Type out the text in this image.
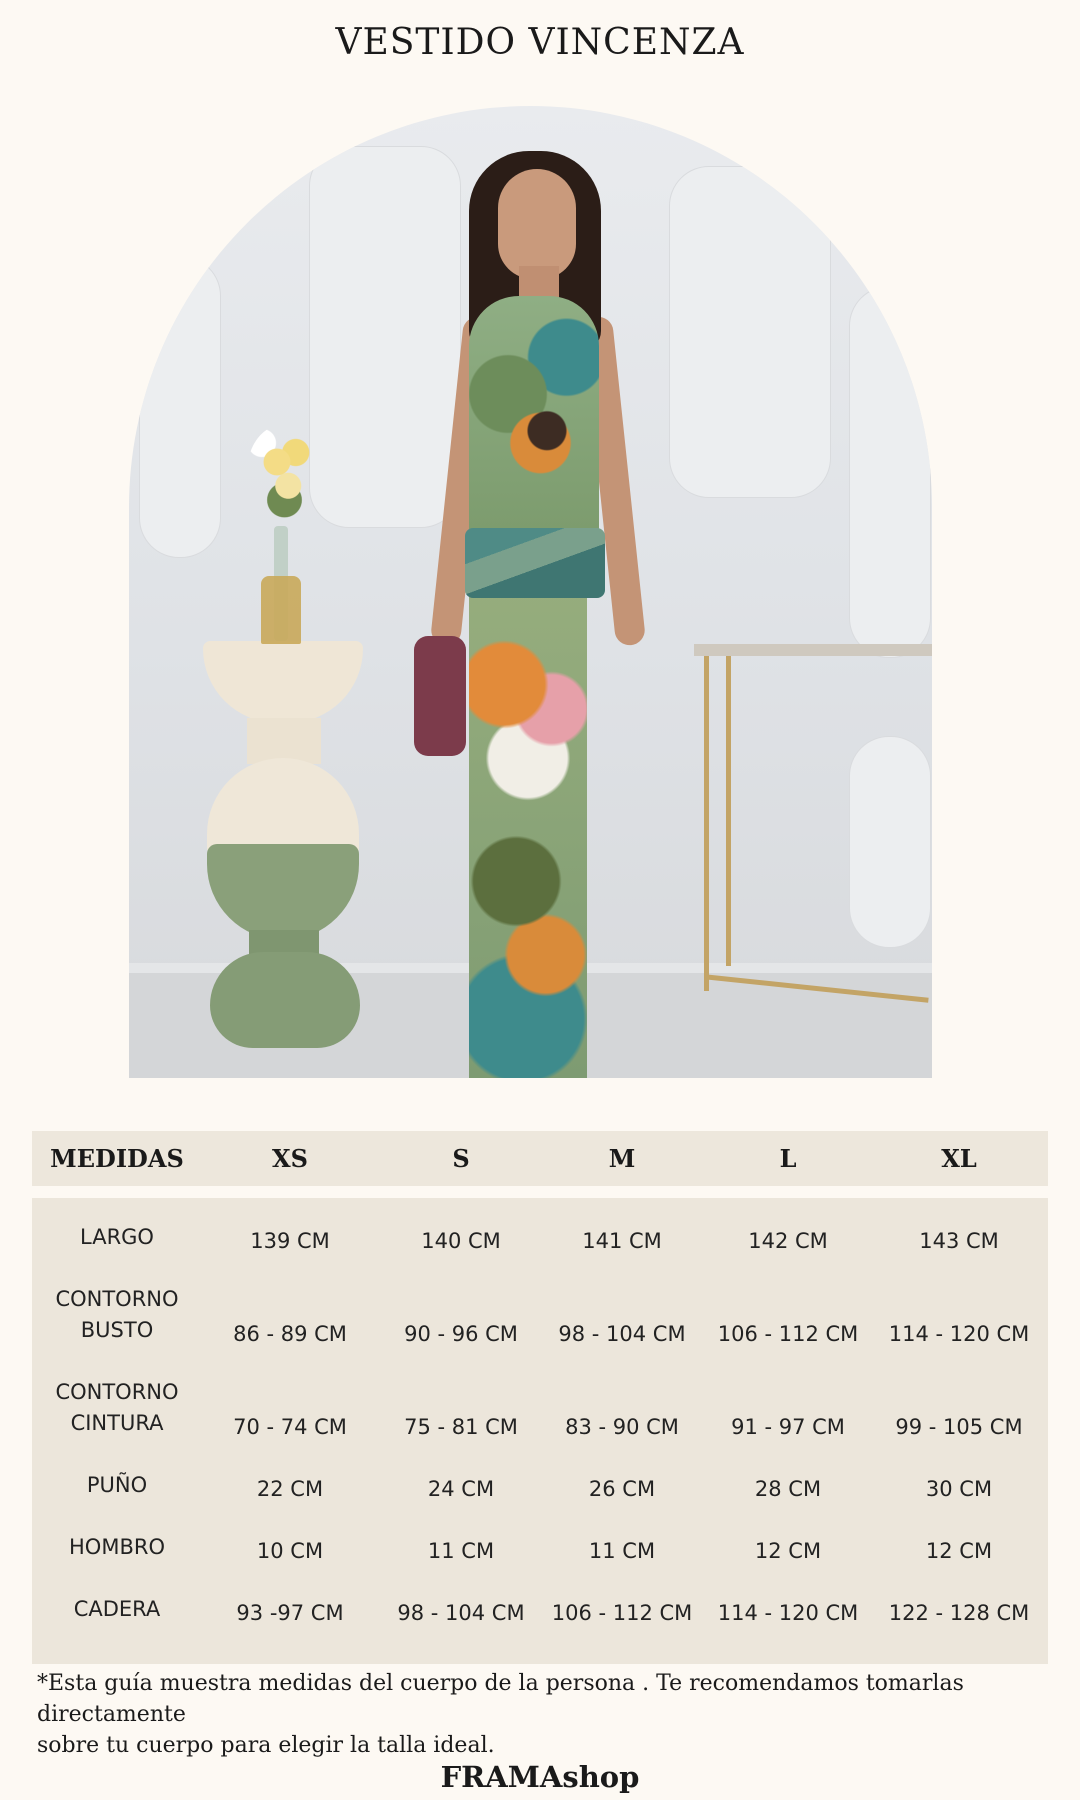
VESTIDO VINCENZA
MEDIDAS	XS	S	M	L	XL
LARGO	139 CM	140 CM	141 CM	142 CM	143 CM
CONTORNO
BUSTO	86 - 89 CM	90 - 96 CM	98 - 104 CM	106 - 112 CM	114 - 120 CM
CONTORNO
CINTURA	70 - 74 CM	75 - 81 CM	83 - 90 CM	91 - 97 CM	99 - 105 CM
PUÑO	22 CM	24 CM	26 CM	28 CM	30 CM
HOMBRO	10 CM	11 CM	11 CM	12 CM	12 CM
CADERA	93 -97 CM	98 - 104 CM	106 - 112 CM	114 - 120 CM	122 - 128 CM
*Esta guía muestra medidas del cuerpo de la persona . Te recomendamos tomarlas directamente
sobre tu cuerpo para elegir la talla ideal.
FRAMAshop
